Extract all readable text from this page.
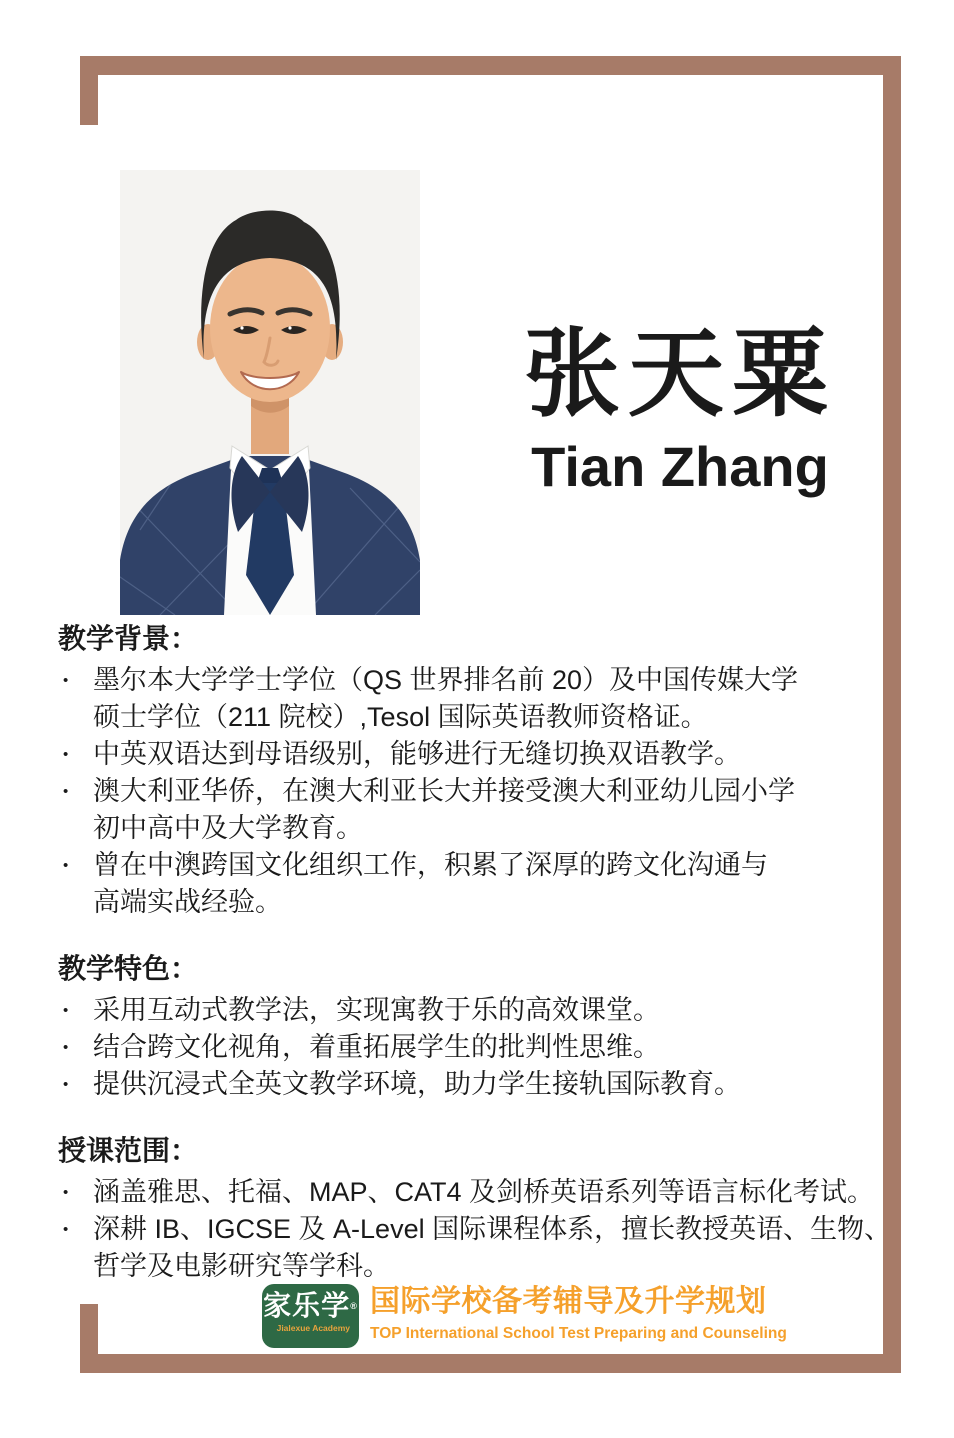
张天粟
Tian Zhang
教学背景：
• 墨尔本大学学士学位（QS 世界排名前 20）及中国传媒大学
硕士学位（211 院校）,Tesol 国际英语教师资格证。
• 中英双语达到母语级别，能够进行无缝切换双语教学。
• 澳大利亚华侨，在澳大利亚长大并接受澳大利亚幼儿园小学
初中高中及大学教育。
• 曾在中澳跨国文化组织工作，积累了深厚的跨文化沟通与
高端实战经验。
教学特色：
• 采用互动式教学法，实现寓教于乐的高效课堂。
• 结合跨文化视角，着重拓展学生的批判性思维。
• 提供沉浸式全英文教学环境，助力学生接轨国际教育。
授课范围：
• 涵盖雅思、托福、MAP、CAT4 及剑桥英语系列等语言标化考试。
• 深耕 IB、IGCSE 及 A-Level 国际课程体系，擅长教授英语、生物、
哲学及电影研究等学科。
家乐学®
Jialexue Academy
国际学校备考辅导及升学规划
TOP International School Test Preparing and Counseling
